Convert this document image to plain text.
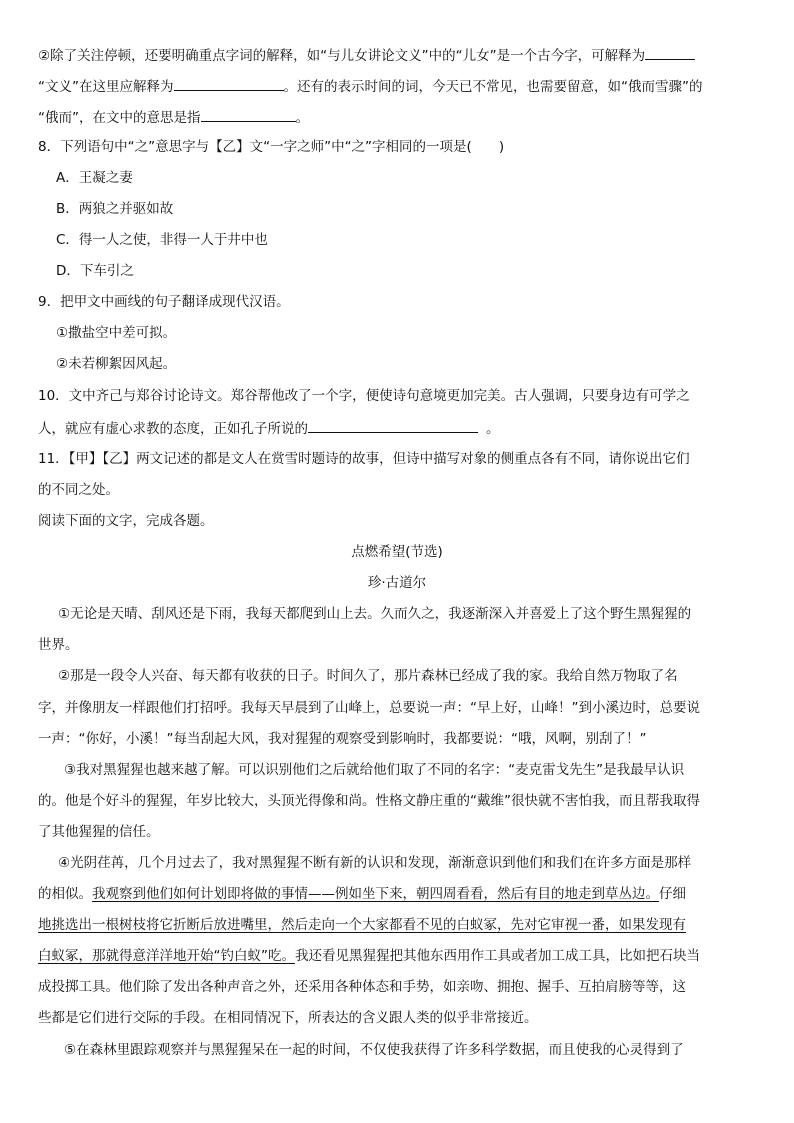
②除了关注停顿，还要明确重点字词的解释，如“与儿女讲论文义”中的“儿女”是一个古今字，可解释为
“文义”在这里应解释为	。还有的表示时间的词，今天已不常见，也需要留意，如“俄而雪骤”的
“俄而”，在文中的意思是指	。
8．下列语句中“之”意思字与【乙】文“一字之师”中“之”字相同的一项是(　　)
A．王凝之妻
B．两狼之并驱如故
C．得一人之使，非得一人于井中也
D．下车引之
9．把甲文中画线的句子翻译成现代汉语。
①撒盐空中差可拟。
②未若柳絮因风起。
10．文中齐己与郑谷讨论诗文。郑谷帮他改了一个字，便使诗句意境更加完美。古人强调，只要身边有可学之
人，就应有虚心求教的态度，正如孔子所说的	。
11．【甲】【乙】两文记述的都是文人在赏雪时题诗的故事，但诗中描写对象的侧重点各有不同，请你说出它们
的不同之处。
阅读下面的文字，完成各题。
点燃希望(节选)
珍·古道尔
①无论是天晴、刮风还是下雨，我每天都爬到山上去。久而久之，我逐渐深入并喜爱上了这个野生黑猩猩的
世界。
②那是一段令人兴奋、每天都有收获的日子。时间久了，那片森林已经成了我的家。我给自然万物取了名
字，并像朋友一样跟他们打招呼。我每天早晨到了山峰上，总要说一声：“早上好，山峰！”到小溪边时，总要说
一声：“你好，小溪！”每当刮起大风，我对猩猩的观察受到影响时，我都要说：“哦，风啊，别刮了！”
③我对黑猩猩也越来越了解。可以识别他们之后就给他们取了不同的名字：“麦克雷戈先生”是我最早认识
的。他是个好斗的猩猩，年岁比较大，头顶光得像和尚。性格文静庄重的“戴维”很快就不害怕我，而且帮我取得
了其他猩猩的信任。
④光阴荏苒，几个月过去了，我对黑猩猩不断有新的认识和发现，渐渐意识到他们和我们在许多方面是那样
的相似。我观察到他们如何计划即将做的事情——例如坐下来，朝四周看看，然后有目的地走到草丛边。仔细
地挑选出一根树枝将它折断后放进嘴里，然后走向一个大家都看不见的白蚁冢，先对它审视一番，如果发现有
白蚁冢，那就得意洋洋地开始“钓白蚁”吃。我还看见黑猩猩把其他东西用作工具或者加工成工具，比如把石块当
成投掷工具。他们除了发出各种声音之外，还采用各种体态和手势，如亲吻、拥抱、握手、互拍肩膀等等，这
些都是它们进行交际的手段。在相同情况下，所表达的含义跟人类的似乎非常接近。
⑤在森林里跟踪观察并与黑猩猩呆在一起的时间，不仅使我获得了许多科学数据，而且使我的心灵得到了
